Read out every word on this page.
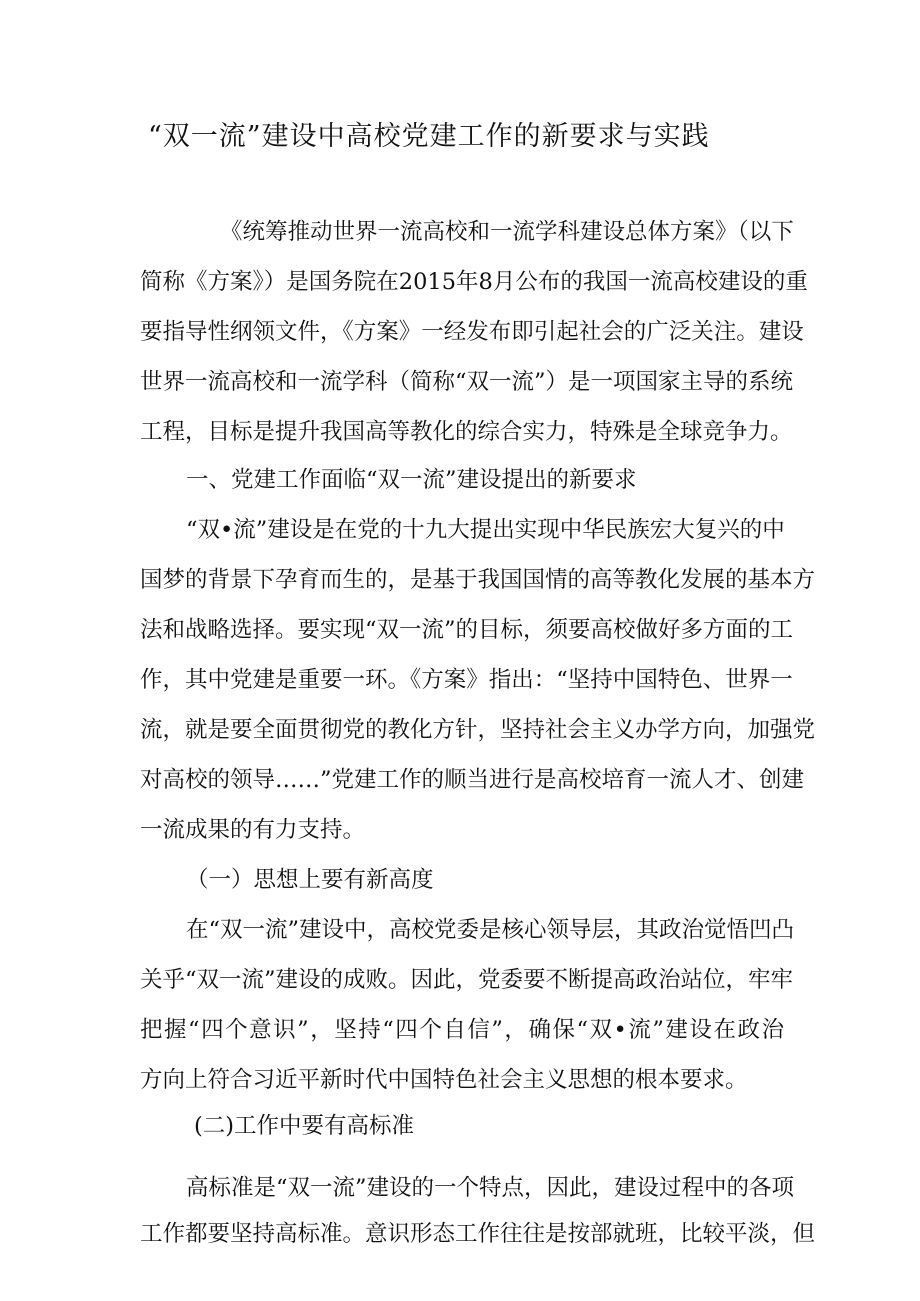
“双一流”建设中高校党建工作的新要求与实践

《统筹推动世界一流高校和一流学科建设总体方案》（以下

简称《方案》）是国务院在2015年8月公布的我国一流高校建设的重

要指导性纲领文件，《方案》一经发布即引起社会的广泛关注。建设

世界一流高校和一流学科（简称“双一流”）是一项国家主导的系统

工程，目标是提升我国高等教化的综合实力，特殊是全球竞争力。

一、党建工作面临“双一流”建设提出的新要求

“双•流”建设是在党的十九大提出实现中华民族宏大复兴的中

国梦的背景下孕育而生的，是基于我国国情的高等教化发展的基本方

法和战略选择。要实现“双一流”的目标，须要高校做好多方面的工

作，其中党建是重要一环。《方案》指出：“坚持中国特色、世界一

流，就是要全面贯彻党的教化方针，坚持社会主义办学方向，加强党

对高校的领导……”党建工作的顺当进行是高校培育一流人才、创建

一流成果的有力支持。

（一）思想上要有新高度

在“双一流”建设中，高校党委是核心领导层，其政治觉悟凹凸

关乎“双一流”建设的成败。因此，党委要不断提高政治站位，牢牢

把握“四个意识”，坚持“四个自信”，确保“双•流”建设在政治

方向上符合习近平新时代中国特色社会主义思想的根本要求。

(二)工作中要有高标准

高标准是“双一流”建设的一个特点，因此，建设过程中的各项

工作都要坚持高标准。意识形态工作往往是按部就班，比较平淡，但
